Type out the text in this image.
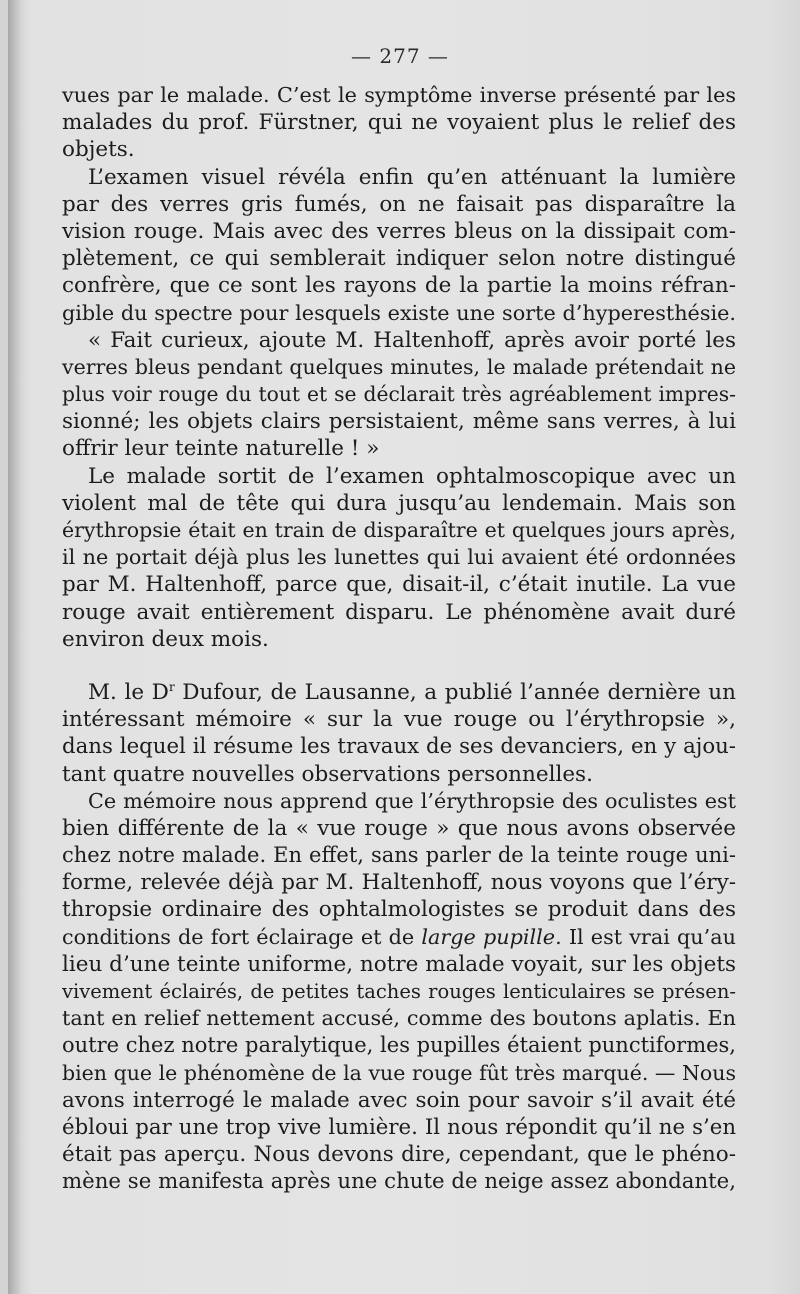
— 277 —
vues par le malade. C’est le symptôme inverse présenté par les
malades du prof. Fürstner, qui ne voyaient plus le relief des
objets.
L’examen visuel révéla enfin qu’en atténuant la lumière
par des verres gris fumés, on ne faisait pas disparaître la
vision rouge. Mais avec des verres bleus on la dissipait com-
plètement, ce qui semblerait indiquer selon notre distingué
confrère, que ce sont les rayons de la partie la moins réfran-
gible du spectre pour lesquels existe une sorte d’hyperesthésie.
« Fait curieux, ajoute M. Haltenhoff, après avoir porté les
verres bleus pendant quelques minutes, le malade prétendait ne
plus voir rouge du tout et se déclarait très agréablement impres-
sionné; les objets clairs persistaient, même sans verres, à lui
offrir leur teinte naturelle ! »
Le malade sortit de l’examen ophtalmoscopique avec un
violent mal de tête qui dura jusqu’au lendemain. Mais son
érythropsie était en train de disparaître et quelques jours après,
il ne portait déjà plus les lunettes qui lui avaient été ordonnées
par M. Haltenhoff, parce que, disait-il, c’était inutile. La vue
rouge avait entièrement disparu. Le phénomène avait duré
environ deux mois.
M. le $D^r$ Dufour, de Lausanne, a publié l’année dernière un
intéressant mémoire « sur la vue rouge ou l’érythropsie »,
dans lequel il résume les travaux de ses devanciers, en y ajou-
tant quatre nouvelles observations personnelles.
Ce mémoire nous apprend que l’érythropsie des oculistes est
bien différente de la « vue rouge » que nous avons observée
chez notre malade. En effet, sans parler de la teinte rouge uni-
forme, relevée déjà par M. Haltenhoff, nous voyons que l’éry-
thropsie ordinaire des ophtalmologistes se produit dans des
conditions de fort éclairage et de large pupille. Il est vrai qu’au
lieu d’une teinte uniforme, notre malade voyait, sur les objets
vivement éclairés, de petites taches rouges lenticulaires se présen-
tant en relief nettement accusé, comme des boutons aplatis. En
outre chez notre paralytique, les pupilles étaient punctiformes,
bien que le phénomène de la vue rouge fût très marqué. — Nous
avons interrogé le malade avec soin pour savoir s’il avait été
ébloui par une trop vive lumière. Il nous répondit qu’il ne s’en
était pas aperçu. Nous devons dire, cependant, que le phéno-
mène se manifesta après une chute de neige assez abondante,
